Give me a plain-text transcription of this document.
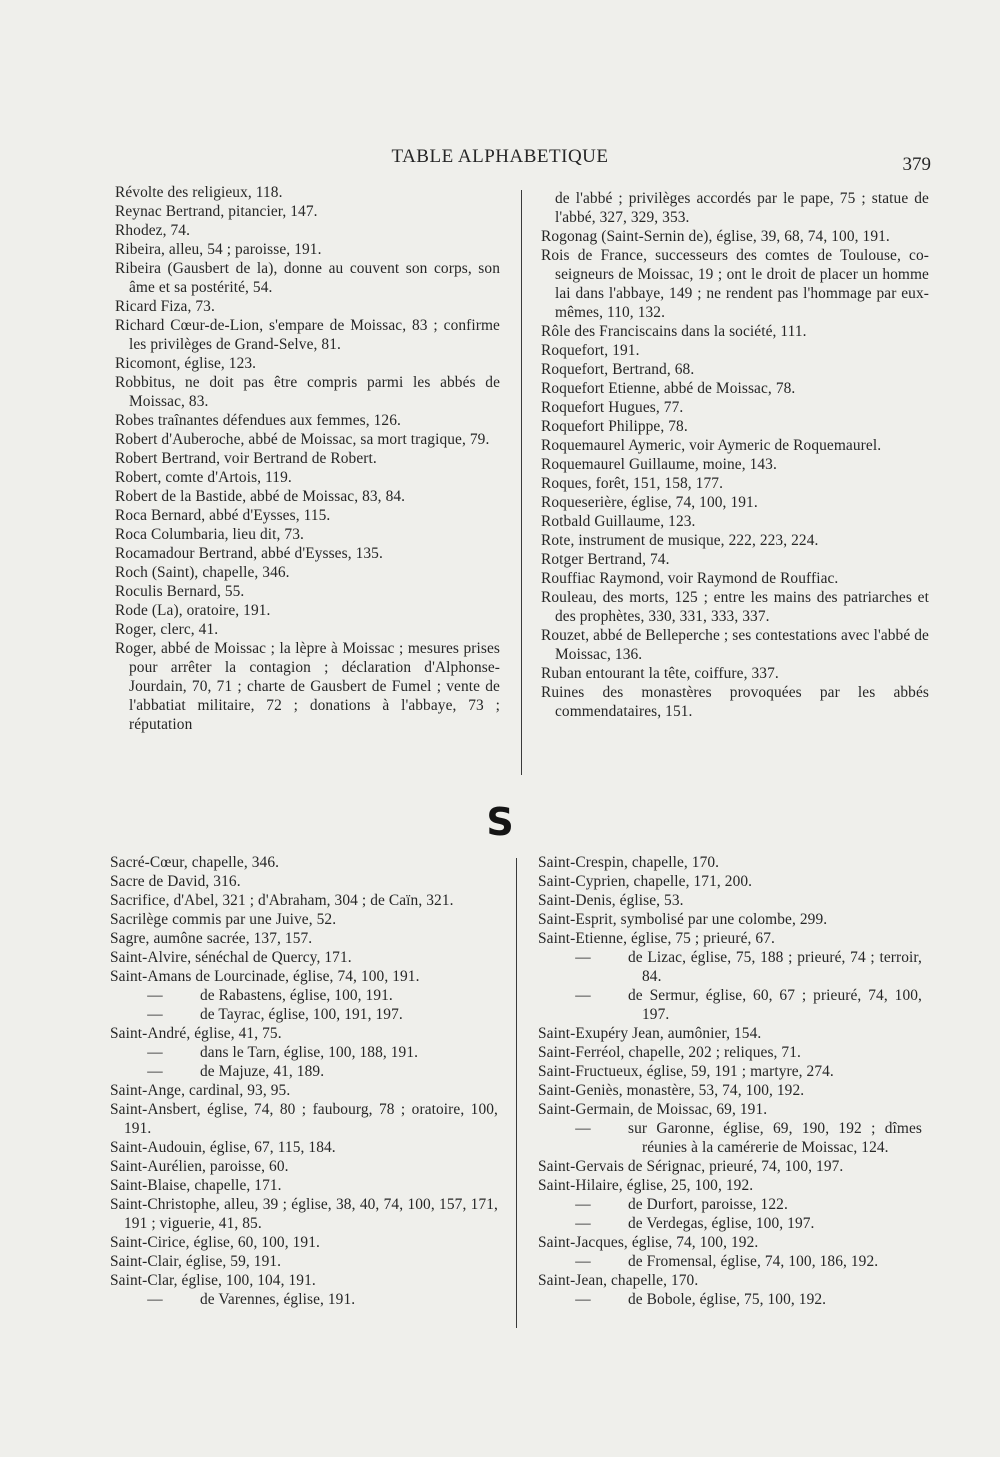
TABLE ALPHABETIQUE	379
Révolte des religieux, 118.
Reynac Bertrand, pitancier, 147.
Rhodez, 74.
Ribeira, alleu, 54 ; paroisse, 191.
Ribeira (Gausbert de la), donne au couvent son corps, son âme et sa postérité, 54.
Ricard Fiza, 73.
Richard Cœur-de-Lion, s'empare de Moissac, 83 ; confirme les privilèges de Grand-Selve, 81.
Ricomont, église, 123.
Robbitus, ne doit pas être compris parmi les abbés de Moissac, 83.
Robes traînantes défendues aux femmes, 126.
Robert d'Auberoche, abbé de Moissac, sa mort tragique, 79.
Robert Bertrand, voir Bertrand de Robert.
Robert, comte d'Artois, 119.
Robert de la Bastide, abbé de Moissac, 83, 84.
Roca Bernard, abbé d'Eysses, 115.
Roca Columbaria, lieu dit, 73.
Rocamadour Bertrand, abbé d'Eysses, 135.
Roch (Saint), chapelle, 346.
Roculis Bernard, 55.
Rode (La), oratoire, 191.
Roger, clerc, 41.
Roger, abbé de Moissac ; la lèpre à Moissac ; mesures prises pour arrêter la contagion ; déclaration d'Alphonse-Jourdain, 70, 71 ; charte de Gausbert de Fumel ; vente de l'abbatiat militaire, 72 ; donations à l'abbaye, 73 ; réputation
de l'abbé ; privilèges accordés par le pape, 75 ; statue de l'abbé, 327, 329, 353.
Rogonag (Saint-Sernin de), église, 39, 68, 74, 100, 191.
Rois de France, successeurs des comtes de Toulouse, co-seigneurs de Moissac, 19 ; ont le droit de placer un homme lai dans l'abbaye, 149 ; ne rendent pas l'hommage par eux-mêmes, 110, 132.
Rôle des Franciscains dans la société, 111.
Roquefort, 191.
Roquefort, Bertrand, 68.
Roquefort Etienne, abbé de Moissac, 78.
Roquefort Hugues, 77.
Roquefort Philippe, 78.
Roquemaurel Aymeric, voir Aymeric de Roquemaurel.
Roquemaurel Guillaume, moine, 143.
Roques, forêt, 151, 158, 177.
Roqueserière, église, 74, 100, 191.
Rotbald Guillaume, 123.
Rote, instrument de musique, 222, 223, 224.
Rotger Bertrand, 74.
Rouffiac Raymond, voir Raymond de Rouffiac.
Rouleau, des morts, 125 ; entre les mains des patriarches et des prophètes, 330, 331, 333, 337.
Rouzet, abbé de Belleperche ; ses contestations avec l'abbé de Moissac, 136.
Ruban entourant la tête, coiffure, 337.
Ruines des monastères provoquées par les abbés commendataires, 151.
S
Sacré-Cœur, chapelle, 346.
Sacre de David, 316.
Sacrifice, d'Abel, 321 ; d'Abraham, 304 ; de Caïn, 321.
Sacrilège commis par une Juive, 52.
Sagre, aumône sacrée, 137, 157.
Saint-Alvire, sénéchal de Quercy, 171.
Saint-Amans de Lourcinade, église, 74, 100, 191.
—	de Rabastens, église, 100, 191.
—	de Tayrac, église, 100, 191, 197.
Saint-André, église, 41, 75.
—	dans le Tarn, église, 100, 188, 191.
—	de Majuze, 41, 189.
Saint-Ange, cardinal, 93, 95.
Saint-Ansbert, église, 74, 80 ; faubourg, 78 ; oratoire, 100, 191.
Saint-Audouin, église, 67, 115, 184.
Saint-Aurélien, paroisse, 60.
Saint-Blaise, chapelle, 171.
Saint-Christophe, alleu, 39 ; église, 38, 40, 74, 100, 157, 171, 191 ; viguerie, 41, 85.
Saint-Cirice, église, 60, 100, 191.
Saint-Clair, église, 59, 191.
Saint-Clar, église, 100, 104, 191.
—	de Varennes, église, 191.
Saint-Crespin, chapelle, 170.
Saint-Cyprien, chapelle, 171, 200.
Saint-Denis, église, 53.
Saint-Esprit, symbolisé par une colombe, 299.
Saint-Etienne, église, 75 ; prieuré, 67.
—	de Lizac, église, 75, 188 ; prieuré, 74 ; terroir, 84.
—	de Sermur, église, 60, 67 ; prieuré, 74, 100, 197.
Saint-Exupéry Jean, aumônier, 154.
Saint-Ferréol, chapelle, 202 ; reliques, 71.
Saint-Fructueux, église, 59, 191 ; martyre, 274.
Saint-Geniès, monastère, 53, 74, 100, 192.
Saint-Germain, de Moissac, 69, 191.
—	sur Garonne, église, 69, 190, 192 ; dîmes réunies à la camérerie de Moissac, 124.
Saint-Gervais de Sérignac, prieuré, 74, 100, 197.
Saint-Hilaire, église, 25, 100, 192.
—	de Durfort, paroisse, 122.
—	de Verdegas, église, 100, 197.
Saint-Jacques, église, 74, 100, 192.
—	de Fromensal, église, 74, 100, 186, 192.
Saint-Jean, chapelle, 170.
—	de Bobole, église, 75, 100, 192.
